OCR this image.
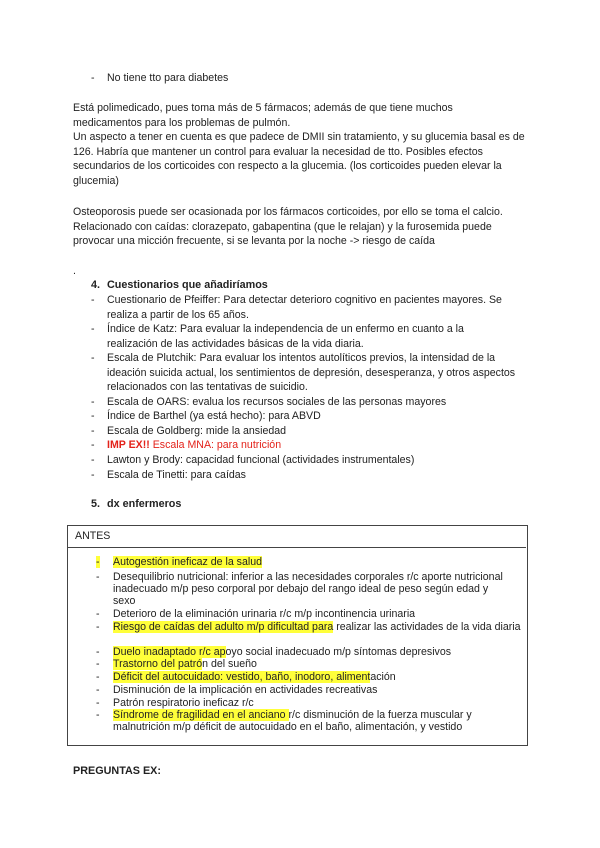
- No tiene tto para diabetes
Está polimedicado, pues toma más de 5 fármacos; además de que tiene muchos medicamentos para los problemas de pulmón.
Un aspecto a tener en cuenta es que padece de DMII sin tratamiento, y su glucemia basal es de 126. Habría que mantener un control para evaluar la necesidad de tto. Posibles efectos secundarios de los corticoides con respecto a la glucemia. (los corticoides pueden elevar la glucemia)
Osteoporosis puede ser ocasionada por los fármacos corticoides, por ello se toma el calcio. Relacionado con caídas: clorazepato, gabapentina (que le relajan) y la furosemida puede provocar una micción frecuente, si se levanta por la noche -> riesgo de caída
.
4. Cuestionarios que añadiríamos
- Cuestionario de Pfeiffer: Para detectar deterioro cognitivo en pacientes mayores. Se realiza a partir de los 65 años.
- Índice de Katz: Para evaluar la independencia de un enfermo en cuanto a la realización de las actividades básicas de la vida diaria.
- Escala de Plutchik: Para evaluar los intentos autolíticos previos, la intensidad de la ideación suicida actual, los sentimientos de depresión, desesperanza, y otros aspectos relacionados con las tentativas de suicidio.
- Escala de OARS: evalua los recursos sociales de las personas mayores
- Índice de Barthel (ya está hecho): para ABVD
- Escala de Goldberg: mide la ansiedad
- IMP EX!! Escala MNA: para nutrición
- Lawton y Brody: capacidad funcional (actividades instrumentales)
- Escala de Tinetti: para caídas
5. dx enfermeros
ANTES
- Autogestión ineficaz de la salud
- Desequilibrio nutricional: inferior a las necesidades corporales r/c aporte nutricional inadecuado m/p peso corporal por debajo del rango ideal de peso según edad y sexo
- Deterioro de la eliminación urinaria r/c m/p incontinencia urinaria
- Riesgo de caídas del adulto m/p dificultad para realizar las actividades de la vida diaria
- Duelo inadaptado r/c apoyo social inadecuado m/p síntomas depresivos
- Trastorno del patrón del sueño
- Déficit del autocuidado: vestido, baño, inodoro, alimentación
- Disminución de la implicación en actividades recreativas
- Patrón respiratorio ineficaz r/c
- Síndrome de fragilidad en el anciano r/c disminución de la fuerza muscular y malnutrición m/p déficit de autocuidado en el baño, alimentación, y vestido
PREGUNTAS EX:
